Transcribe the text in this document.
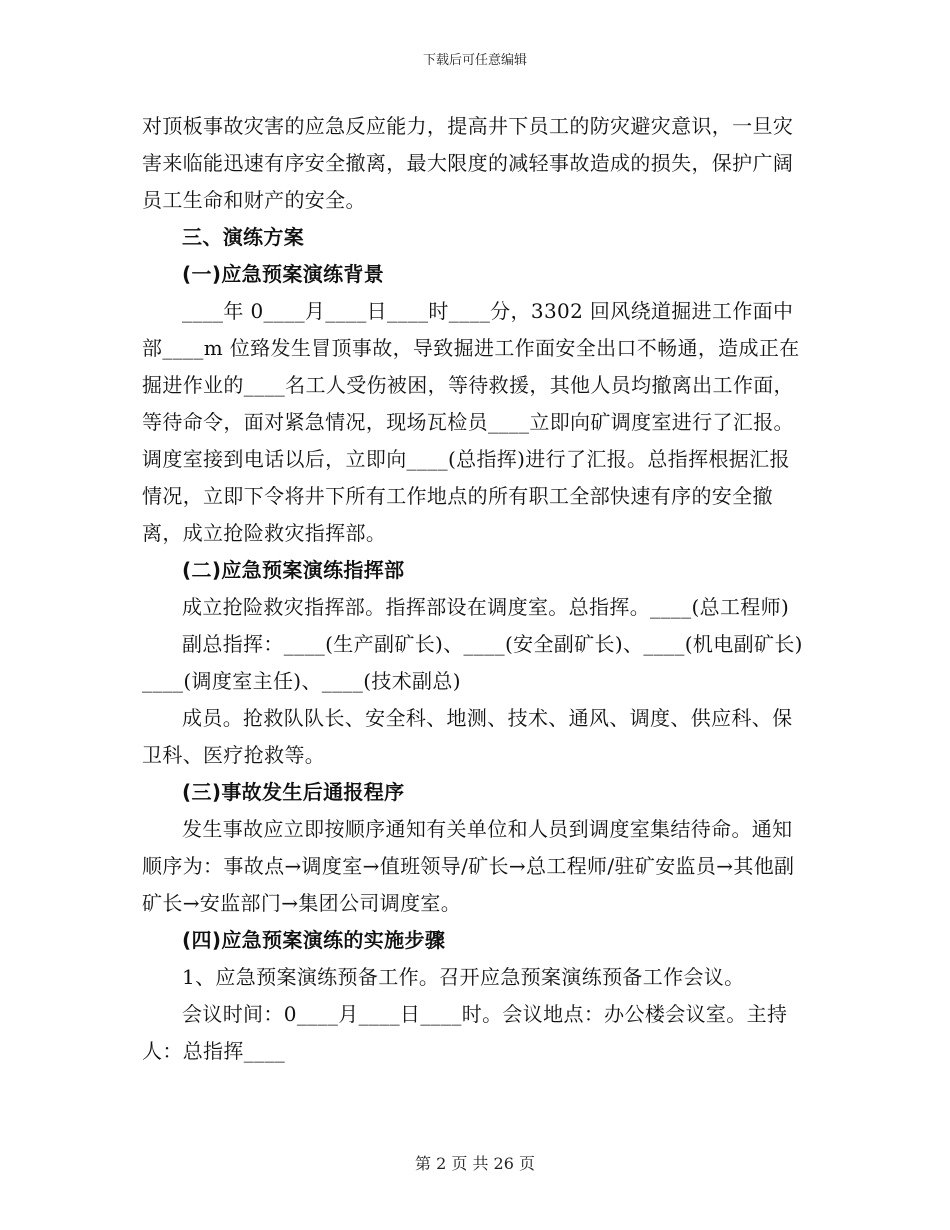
下载后可任意编辑

对顶板事故灾害的应急反应能力，提高井下员工的防灾避灾意识，一旦灾害来临能迅速有序安全撤离，最大限度的减轻事故造成的损失，保护广阔员工生命和财产的安全。

三、演练方案

(一)应急预案演练背景

____年 0____月____日____时____分，3302 回风绕道掘进工作面中部____m 位臵发生冒顶事故，导致掘进工作面安全出口不畅通，造成正在掘进作业的____名工人受伤被困，等待救援，其他人员均撤离出工作面，等待命令，面对紧急情况，现场瓦检员____立即向矿调度室进行了汇报。调度室接到电话以后，立即向____(总指挥)进行了汇报。总指挥根据汇报情况，立即下令将井下所有工作地点的所有职工全部快速有序的安全撤离，成立抢险救灾指挥部。

(二)应急预案演练指挥部

成立抢险救灾指挥部。指挥部设在调度室。总指挥。____(总工程师)

副总指挥：____(生产副矿长)、____(安全副矿长)、____(机电副矿长)____(调度室主任)、____(技术副总)

成员。抢救队队长、安全科、地测、技术、通风、调度、供应科、保卫科、医疗抢救等。

(三)事故发生后通报程序

发生事故应立即按顺序通知有关单位和人员到调度室集结待命。通知顺序为：事故点→调度室→值班领导/矿长→总工程师/驻矿安监员→其他副矿长→安监部门→集团公司调度室。

(四)应急预案演练的实施步骤

1、应急预案演练预备工作。召开应急预案演练预备工作会议。

会议时间：0____月____日____时。会议地点：办公楼会议室。主持人：总指挥____

第 2 页 共 26 页
